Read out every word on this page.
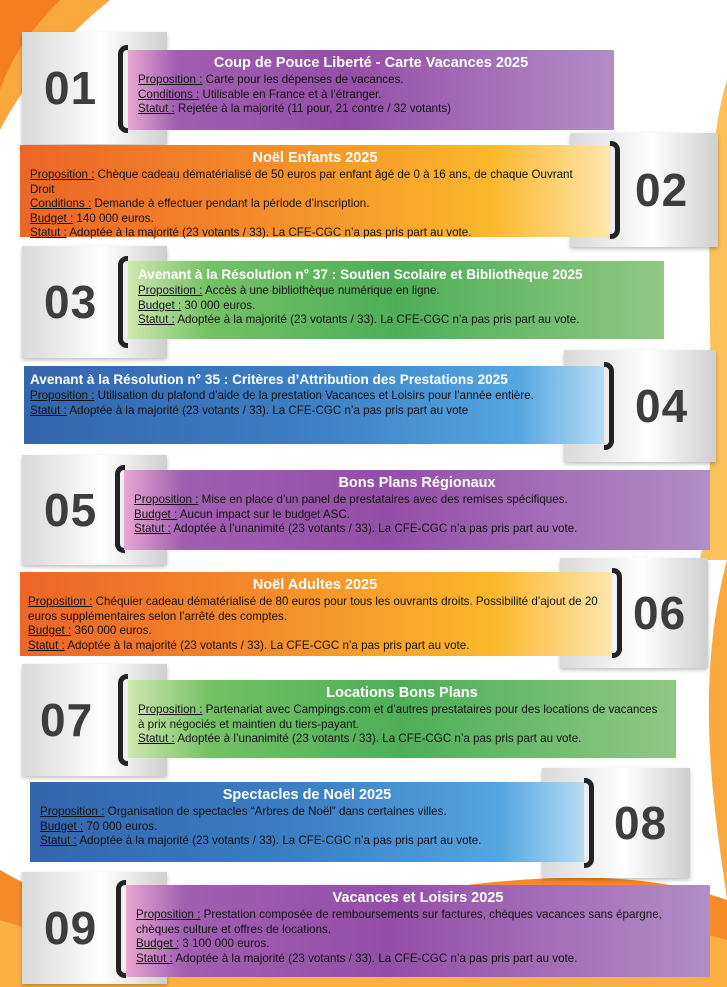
01	Coup de Pouce Liberté - Carte Vacances 2025
Proposition : Carte pour les dépenses de vacances.
Conditions : Utilisable en France et à l’étranger.
Statut : Rejetée à la majorité (11 pour, 21 contre / 32 votants)
02
Noël Enfants 2025
Proposition : Chèque cadeau dématérialisé de 50 euros par enfant âgé de 0 à 16 ans, de chaque Ouvrant Droit
Conditions : Demande à effectuer pendant la période d’inscription.
Budget : 140 000 euros.
Statut : Adoptée à la majorité (23 votants / 33). La CFE-CGC n’a pas pris part au vote.
03
Avenant à la Résolution n° 37 : Soutien Scolaire et Bibliothèque 2025
Proposition : Accès à une bibliothèque numérique en ligne.
Budget : 30 000 euros.
Statut : Adoptée à la majorité (23 votants / 33). La CFE-CGC n’a pas pris part au vote.
04
Avenant à la Résolution n° 35 : Critères d’Attribution des Prestations 2025
Proposition : Utilisation du plafond d’aide de la prestation Vacances et Loisirs pour l’année entière.
Statut : Adoptée à la majorité (23 votants / 33). La CFE-CGC n’a pas pris part au vote
05
Bons Plans Régionaux
Proposition : Mise en place d’un panel de prestataires avec des remises spécifiques.
Budget : Aucun impact sur le budget ASC.
Statut : Adoptée à l’unanimité (23 votants / 33). La CFE-CGC n’a pas pris part au vote.
06
Noël Adultes 2025
Proposition : Chéquier cadeau dématérialisé de 80 euros pour tous les ouvrants droits. Possibilité d’ajout de 20 euros supplémentaires selon l’arrêté des comptes.
Budget : 360 000 euros.
Statut : Adoptée à la majorité (23 votants / 33). La CFE-CGC n’a pas pris part au vote.
07
Locations Bons Plans
Proposition : Partenariat avec Campings.com et d’autres prestataires pour des locations de vacances à prix négociés et maintien du tiers-payant.
Statut : Adoptée à l’unanimité (23 votants / 33). La CFE-CGC n’a pas pris part au vote.
08
Spectacles de Noël 2025
Proposition : Organisation de spectacles “Arbres de Noël” dans certaines villes.
Budget : 70 000 euros.
Statut : Adoptée à la majorité (23 votants / 33). La CFE-CGC n’a pas pris part au vote.
09
Vacances et Loisirs 2025
Proposition : Prestation composée de remboursements sur factures, chèques vacances sans épargne, chèques culture et offres de locations.
Budget : 3 100 000 euros.
Statut : Adoptée à la majorité (23 votants / 33). La CFE-CGC n’a pas pris part au vote.
